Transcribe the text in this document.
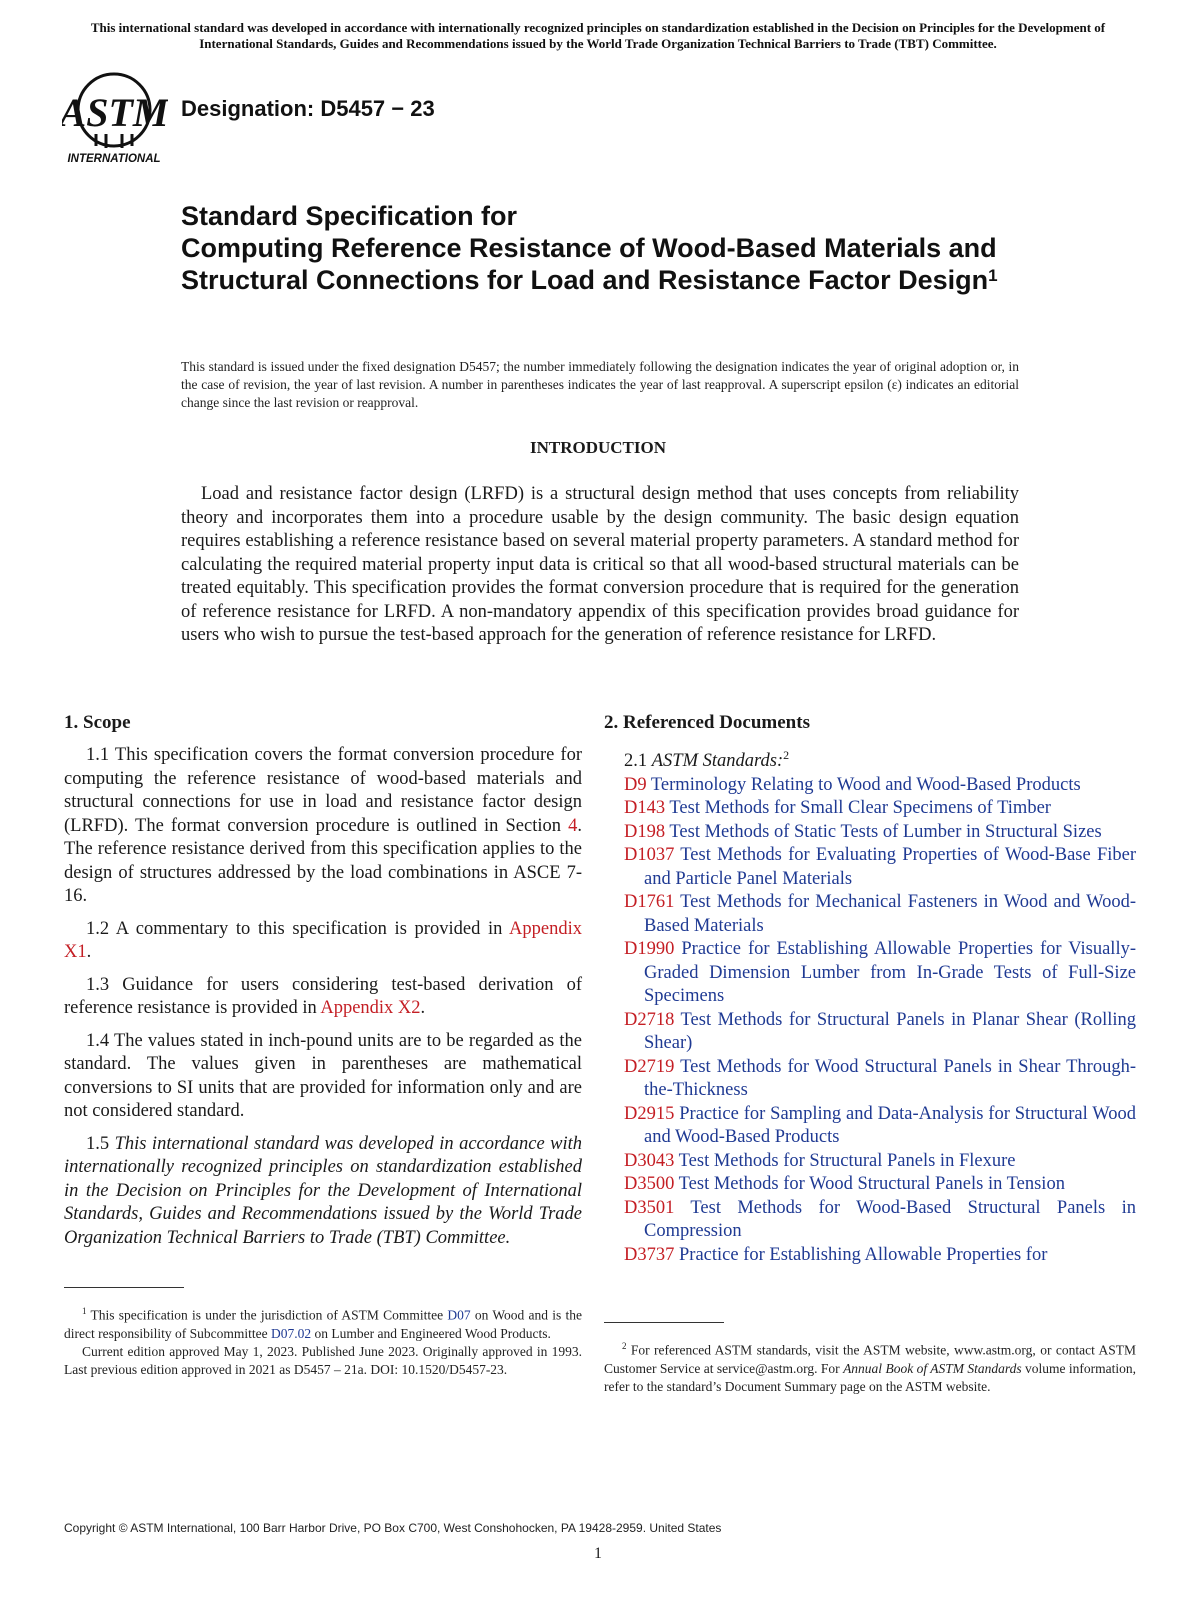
This international standard was developed in accordance with internationally recognized principles on standardization established in the Decision on Principles for the Development of International Standards, Guides and Recommendations issued by the World Trade Organization Technical Barriers to Trade (TBT) Committee.
ASTM
INTERNATIONAL
Designation: D5457 − 23
Standard Specification for
Computing Reference Resistance of Wood-Based Materials and Structural Connections for Load and Resistance Factor Design$^1$
This standard is issued under the fixed designation D5457; the number immediately following the designation indicates the year of original adoption or, in the case of revision, the year of last revision. A number in parentheses indicates the year of last reapproval. A superscript epsilon (ε) indicates an editorial change since the last revision or reapproval.
INTRODUCTION
Load and resistance factor design (LRFD) is a structural design method that uses concepts from reliability theory and incorporates them into a procedure usable by the design community. The basic design equation requires establishing a reference resistance based on several material property parameters. A standard method for calculating the required material property input data is critical so that all wood-based structural materials can be treated equitably. This specification provides the format conversion procedure that is required for the generation of reference resistance for LRFD. A non-mandatory appendix of this specification provides broad guidance for users who wish to pursue the test-based approach for the generation of reference resistance for LRFD.
1. Scope
1.1 This specification covers the format conversion procedure for computing the reference resistance of wood-based materials and structural connections for use in load and resistance factor design (LRFD). The format conversion procedure is outlined in Section 4. The reference resistance derived from this specification applies to the design of structures addressed by the load combinations in ASCE 7-16.
1.2 A commentary to this specification is provided in Appendix X1.
1.3 Guidance for users considering test-based derivation of reference resistance is provided in Appendix X2.
1.4 The values stated in inch-pound units are to be regarded as the standard. The values given in parentheses are mathematical conversions to SI units that are provided for information only and are not considered standard.
1.5 This international standard was developed in accordance with internationally recognized principles on standardization established in the Decision on Principles for the Development of International Standards, Guides and Recommendations issued by the World Trade Organization Technical Barriers to Trade (TBT) Committee.
$^1$ This specification is under the jurisdiction of ASTM Committee D07 on Wood and is the direct responsibility of Subcommittee D07.02 on Lumber and Engineered Wood Products.
Current edition approved May 1, 2023. Published June 2023. Originally approved in 1993. Last previous edition approved in 2021 as D5457 – 21a. DOI: 10.1520/D5457-23.
2. Referenced Documents
2.1 ASTM Standards:$^2$
D9 Terminology Relating to Wood and Wood-Based Products
D143 Test Methods for Small Clear Specimens of Timber
D198 Test Methods of Static Tests of Lumber in Structural Sizes
D1037 Test Methods for Evaluating Properties of Wood-Base Fiber and Particle Panel Materials
D1761 Test Methods for Mechanical Fasteners in Wood and Wood-Based Materials
D1990 Practice for Establishing Allowable Properties for Visually-Graded Dimension Lumber from In-Grade Tests of Full-Size Specimens
D2718 Test Methods for Structural Panels in Planar Shear (Rolling Shear)
D2719 Test Methods for Wood Structural Panels in Shear Through-the-Thickness
D2915 Practice for Sampling and Data-Analysis for Structural Wood and Wood-Based Products
D3043 Test Methods for Structural Panels in Flexure
D3500 Test Methods for Wood Structural Panels in Tension
D3501 Test Methods for Wood-Based Structural Panels in Compression
D3737 Practice for Establishing Allowable Properties for
$^2$ For referenced ASTM standards, visit the ASTM website, www.astm.org, or contact ASTM Customer Service at service@astm.org. For Annual Book of ASTM Standards volume information, refer to the standard’s Document Summary page on the ASTM website.
Copyright © ASTM International, 100 Barr Harbor Drive, PO Box C700, West Conshohocken, PA 19428-2959. United States
1
